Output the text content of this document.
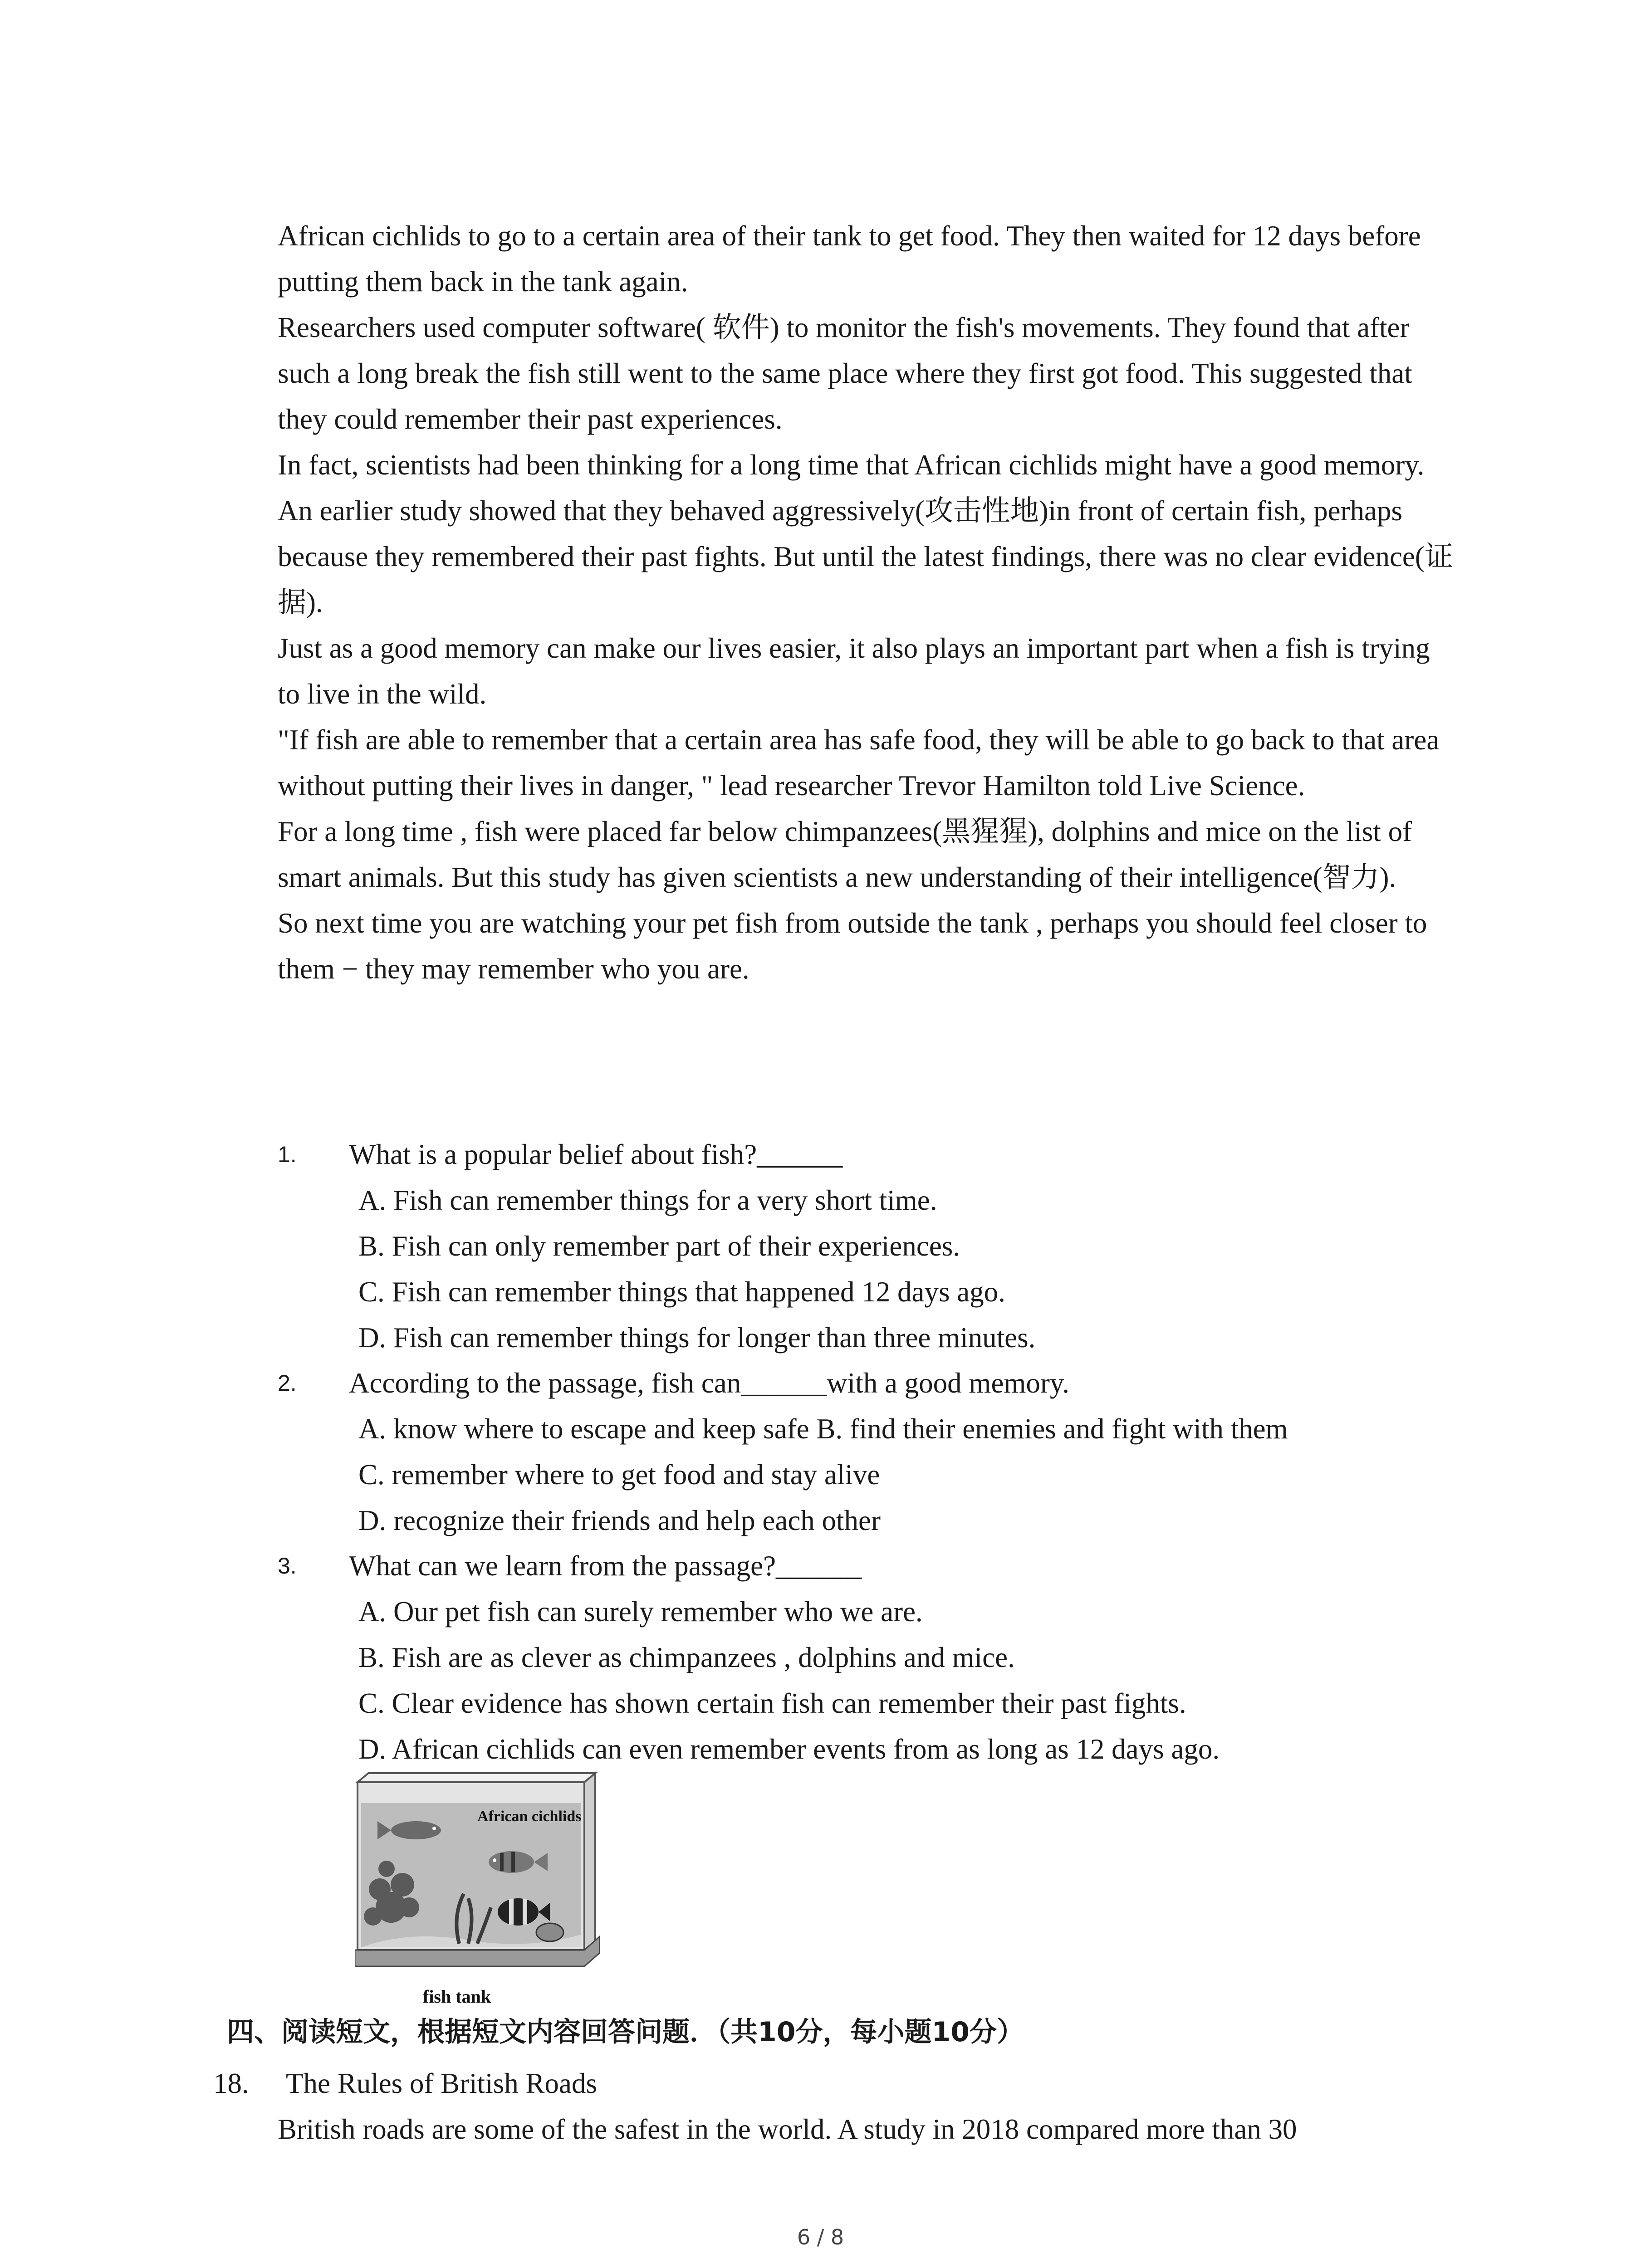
African cichlids to go to a certain area of their tank to get food. They then waited for 12 days before putting them back in the tank again.

Researchers used computer software( 软件) to monitor the fish's movements. They found that after such a long break the fish still went to the same place where they first got food. This suggested that they could remember their past experiences.

In fact, scientists had been thinking for a long time that African cichlids might have a good memory.

An earlier study showed that they behaved aggressively(攻击性地)in front of certain fish, perhaps because they remembered their past fights. But until the latest findings, there was no clear evidence(证据).

Just as a good memory can make our lives easier, it also plays an important part when a fish is trying to live in the wild.

"If fish are able to remember that a certain area has safe food, they will be able to go back to that area without putting their lives in danger, " lead researcher Trevor Hamilton told Live Science.

For a long time , fish were placed far below chimpanzees(黑猩猩), dolphins and mice on the list of smart animals. But this study has given scientists a new understanding of their intelligence(智力).

So next time you are watching your pet fish from outside the tank , perhaps you should feel closer to them − they may remember who you are.

1. What is a popular belief about fish?______
A. Fish can remember things for a very short time.
B. Fish can only remember part of their experiences.
C. Fish can remember things that happened 12 days ago.
D. Fish can remember things for longer than three minutes.
2. According to the passage, fish can______with a good memory.
A. know where to escape and keep safe B. find their enemies and fight with them
C. remember where to get food and stay alive
D. recognize their friends and help each other
3. What can we learn from the passage?______
A. Our pet fish can surely remember who we are.
B. Fish are as clever as chimpanzees , dolphins and mice.
C. Clear evidence has shown certain fish can remember their past fights.
D. African cichlids can even remember events from as long as 12 days ago.
African cichlids
fish tank
四、阅读短文，根据短文内容回答问题．（共10分，每小题10分）
18. The Rules of British Roads
British roads are some of the safest in the world. A study in 2018 compared more than 30
6 / 8
